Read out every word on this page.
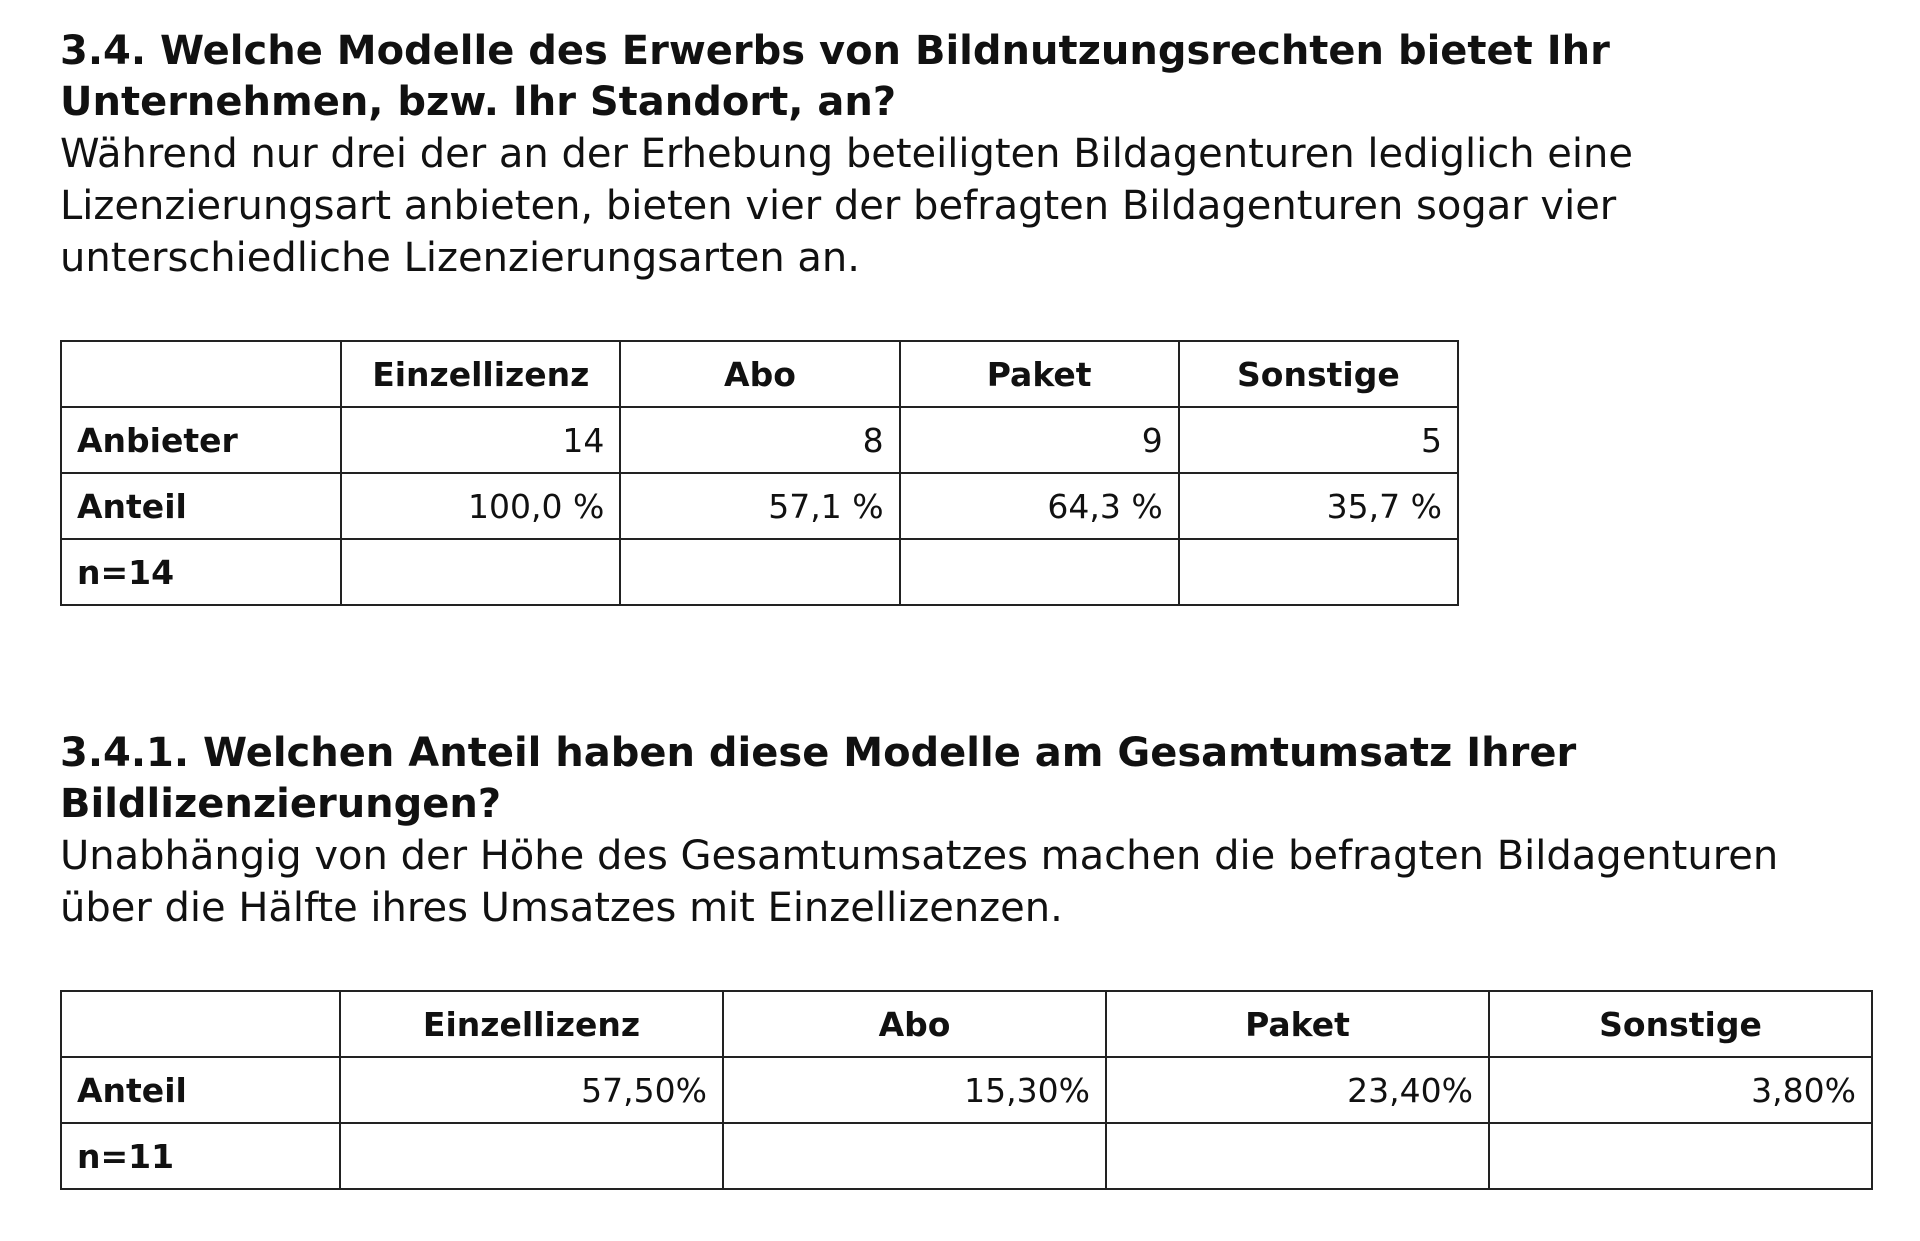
3.4. Welche Modelle des Erwerbs von Bildnutzungsrechten bietet Ihr
Unternehmen, bzw. Ihr Standort, an?

Während nur drei der an der Erhebung beteiligten Bildagenturen lediglich eine
Lizenzierungsart anbieten, bieten vier der befragten Bildagenturen sogar vier
unterschiedliche Lizenzierungsarten an.

	Einzellizenz	Abo	Paket	Sonstige
Anbieter	14	8	9	5
Anteil	100,0 %	57,1 %	64,3 %	35,7 %
n=14				
3.4.1. Welchen Anteil haben diese Modelle am Gesamtumsatz Ihrer
Bildlizenzierungen?

Unabhängig von der Höhe des Gesamtumsatzes machen die befragten Bildagenturen
über die Hälfte ihres Umsatzes mit Einzellizenzen.

	Einzellizenz	Abo	Paket	Sonstige
Anteil	57,50%	15,30%	23,40%	3,80%
n=11				
